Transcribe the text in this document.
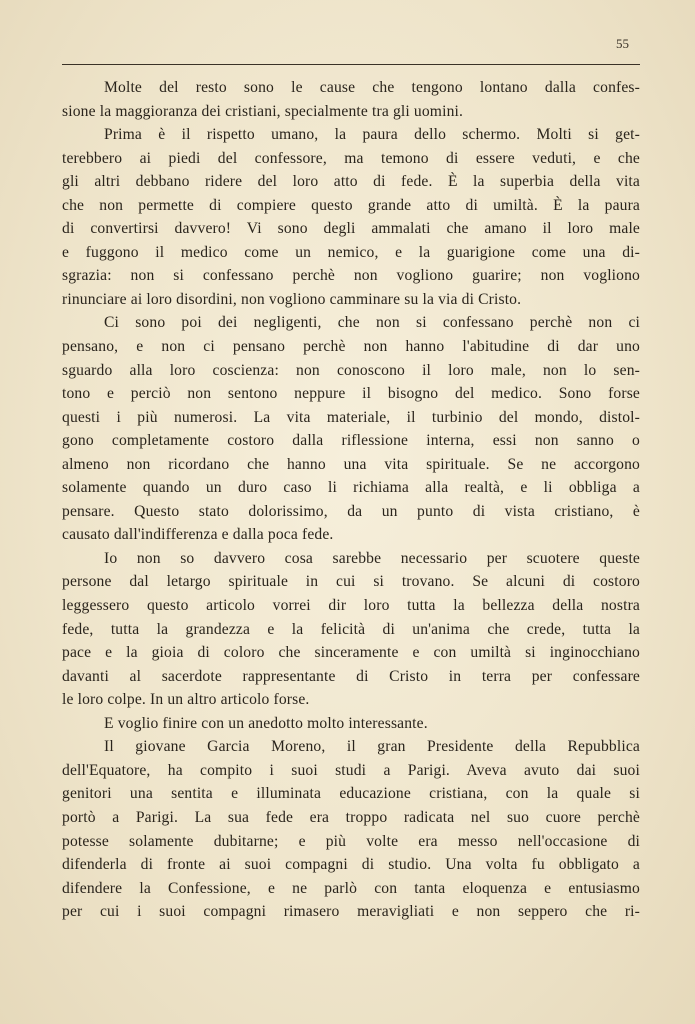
55
Molte del resto sono le cause che tengono lontano dalla confes-
sione la maggioranza dei cristiani, specialmente tra gli uomini.
Prima è il rispetto umano, la paura dello schermo. Molti si get-
terebbero ai piedi del confessore, ma temono di essere veduti, e che
gli altri debbano ridere del loro atto di fede. È la superbia della vita
che non permette di compiere questo grande atto di umiltà. È la paura
di convertirsi davvero! Vi sono degli ammalati che amano il loro male
e fuggono il medico come un nemico, e la guarigione come una di-
sgrazia: non si confessano perchè non vogliono guarire; non vogliono
rinunciare ai loro disordini, non vogliono camminare su la via di Cristo.
Ci sono poi dei negligenti, che non si confessano perchè non ci
pensano, e non ci pensano perchè non hanno l'abitudine di dar uno
sguardo alla loro coscienza: non conoscono il loro male, non lo sen-
tono e perciò non sentono neppure il bisogno del medico. Sono forse
questi i più numerosi. La vita materiale, il turbinio del mondo, distol-
gono completamente costoro dalla riflessione interna, essi non sanno o
almeno non ricordano che hanno una vita spirituale. Se ne accorgono
solamente quando un duro caso li richiama alla realtà, e li obbliga a
pensare. Questo stato dolorissimo, da un punto di vista cristiano, è
causato dall'indifferenza e dalla poca fede.
Io non so davvero cosa sarebbe necessario per scuotere queste
persone dal letargo spirituale in cui si trovano. Se alcuni di costoro
leggessero questo articolo vorrei dir loro tutta la bellezza della nostra
fede, tutta la grandezza e la felicità di un'anima che crede, tutta la
pace e la gioia di coloro che sinceramente e con umiltà si inginocchiano
davanti al sacerdote rappresentante di Cristo in terra per confessare
le loro colpe. In un altro articolo forse.
E voglio finire con un anedotto molto interessante.
Il giovane Garcia Moreno, il gran Presidente della Repubblica
dell'Equatore, ha compito i suoi studi a Parigi. Aveva avuto dai suoi
genitori una sentita e illuminata educazione cristiana, con la quale si
portò a Parigi. La sua fede era troppo radicata nel suo cuore perchè
potesse solamente dubitarne; e più volte era messo nell'occasione di
difenderla di fronte ai suoi compagni di studio. Una volta fu obbligato a
difendere la Confessione, e ne parlò con tanta eloquenza e entusiasmo
per cui i suoi compagni rimasero meravigliati e non seppero che ri-
